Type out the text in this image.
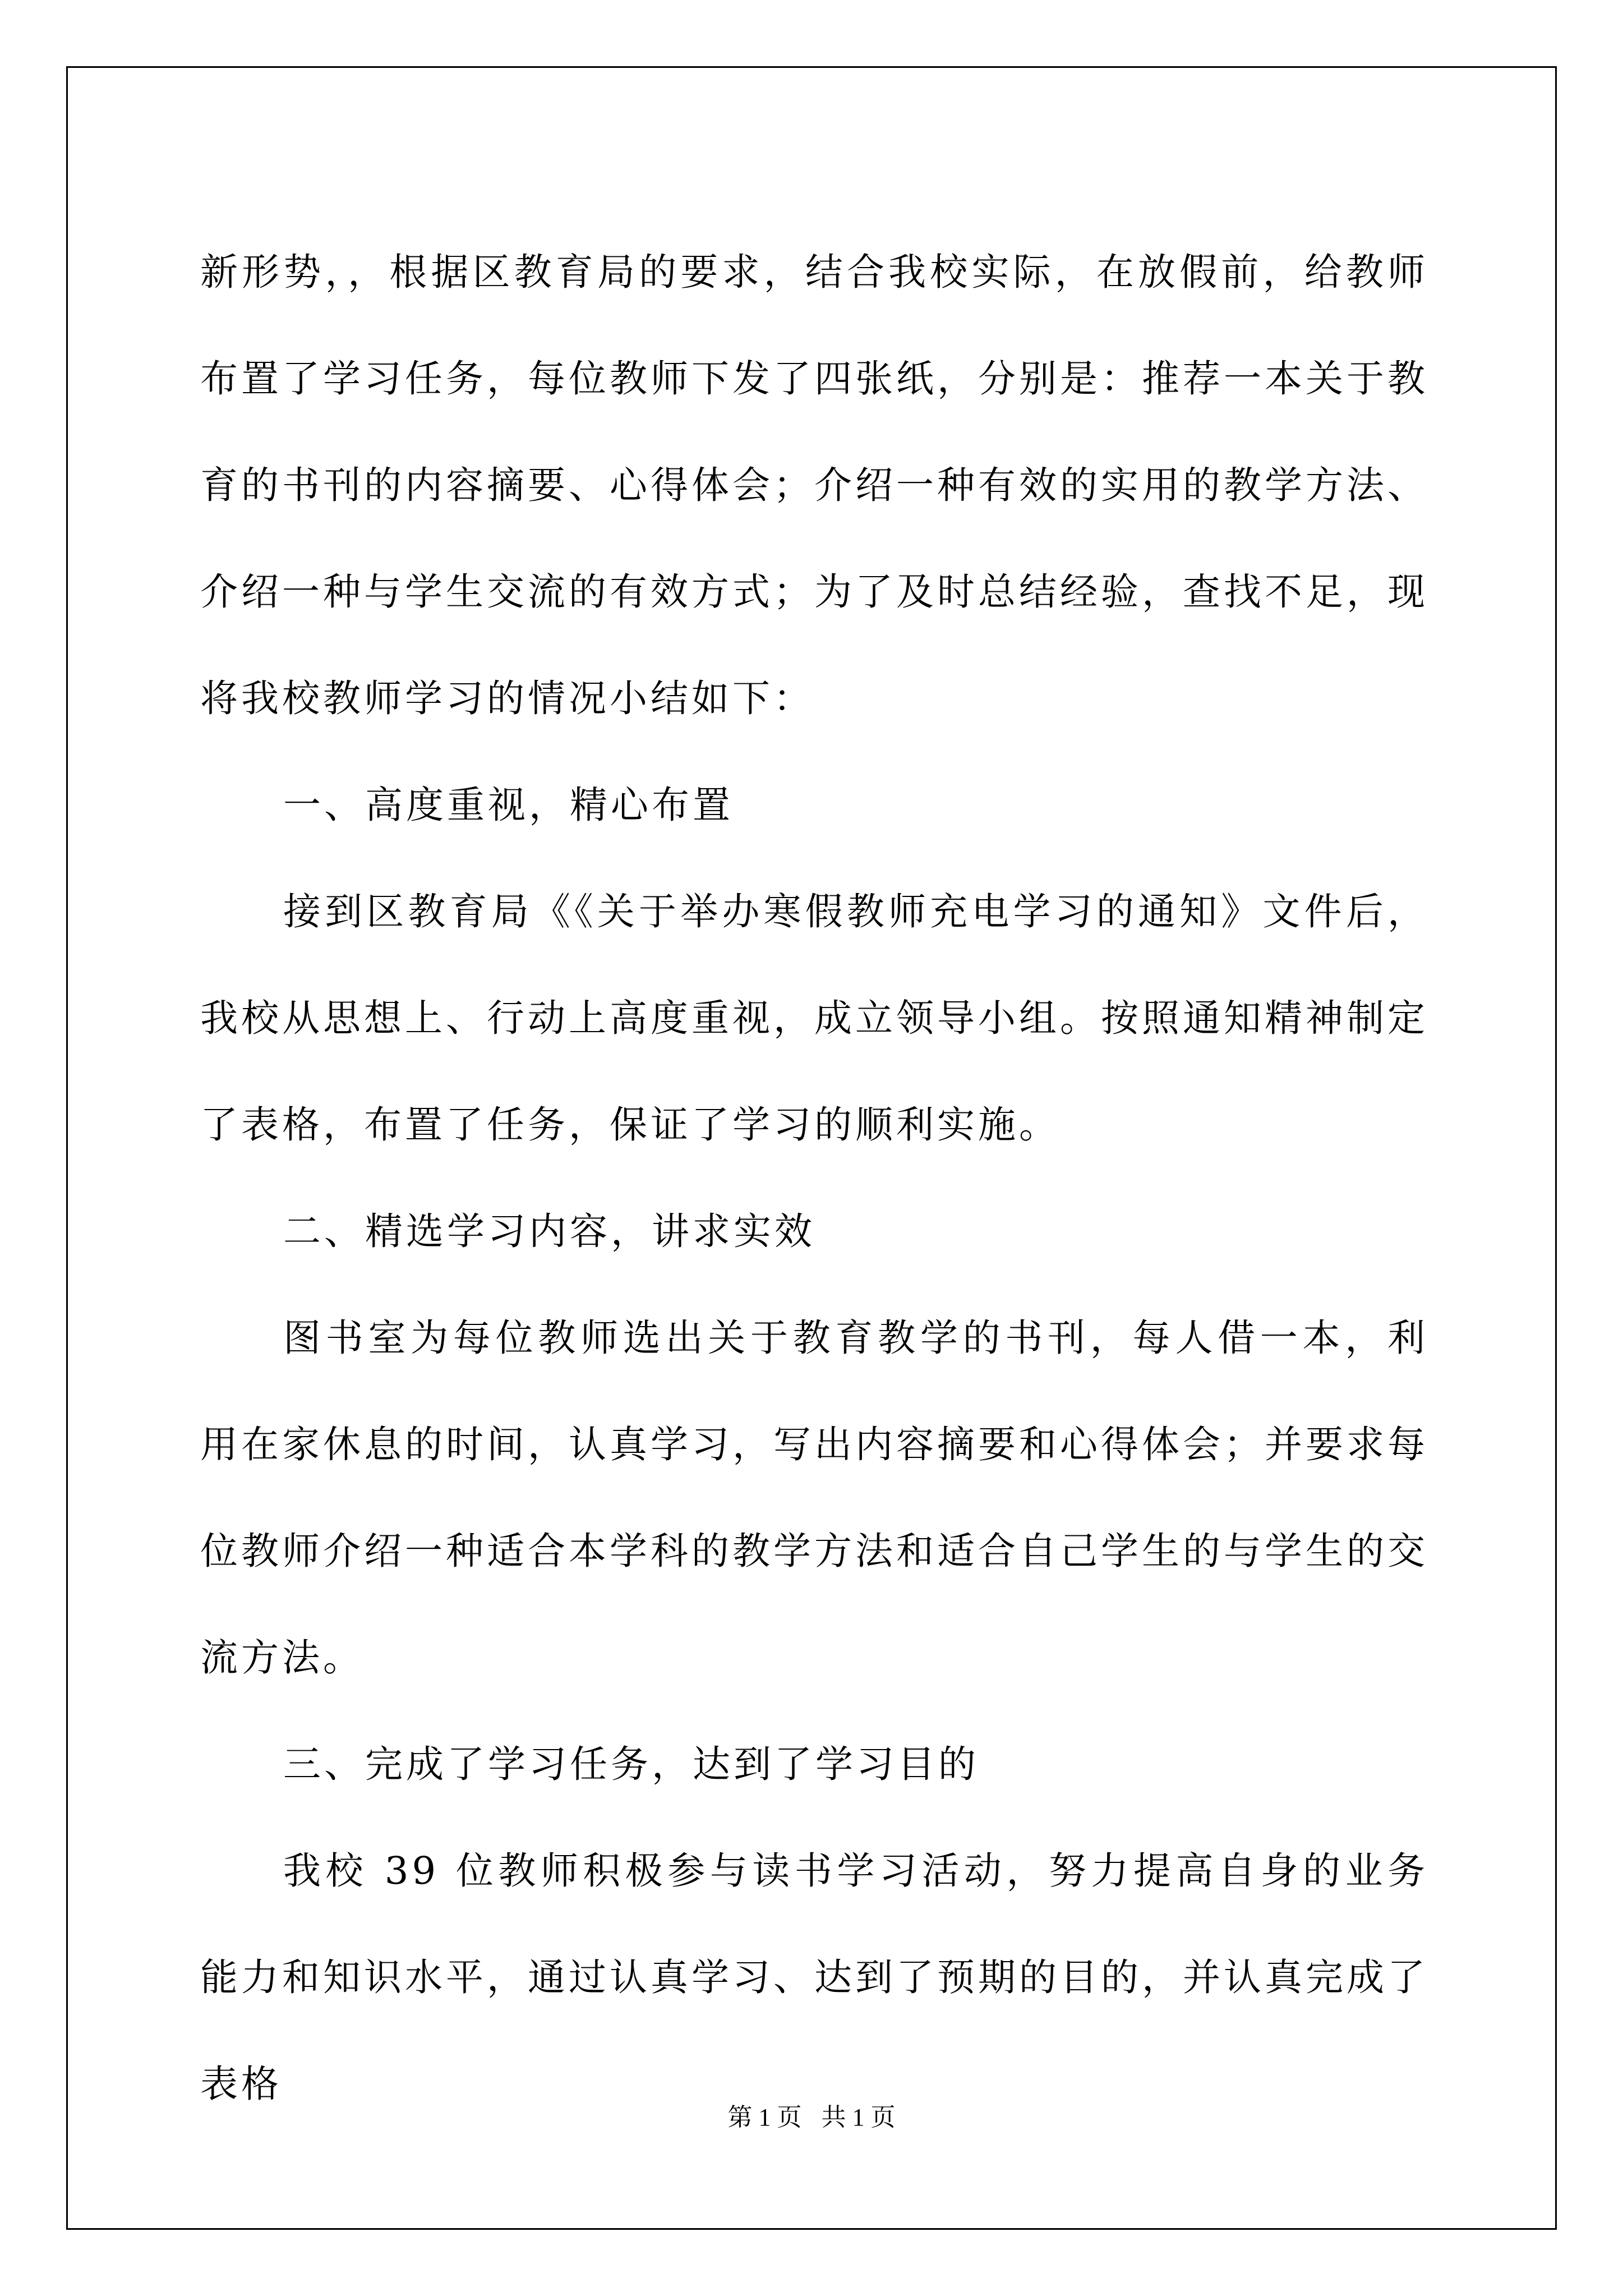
新形势，，根据区教育局的要求，结合我校实际，在放假前，给教师布置了学习任务，每位教师下发了四张纸，分别是：推荐一本关于教育的书刊的内容摘要、心得体会；介绍一种有效的实用的教学方法、介绍一种与学生交流的有效方式；为了及时总结经验，查找不足，现将我校教师学习的情况小结如下：

一、高度重视，精心布置

接到区教育局《《关于举办寒假教师充电学习的通知》文件后，我校从思想上、行动上高度重视，成立领导小组。按照通知精神制定了表格，布置了任务，保证了学习的顺利实施。

二、精选学习内容，讲求实效

图书室为每位教师选出关于教育教学的书刊，每人借一本，利用在家休息的时间，认真学习，写出内容摘要和心得体会；并要求每位教师介绍一种适合本学科的教学方法和适合自己学生的与学生的交流方法。

三、完成了学习任务，达到了学习目的

我校 39 位教师积极参与读书学习活动，努力提高自身的业务能力和知识水平，通过认真学习、达到了预期的目的，并认真完成了表格

第 1 页 共 1 页
